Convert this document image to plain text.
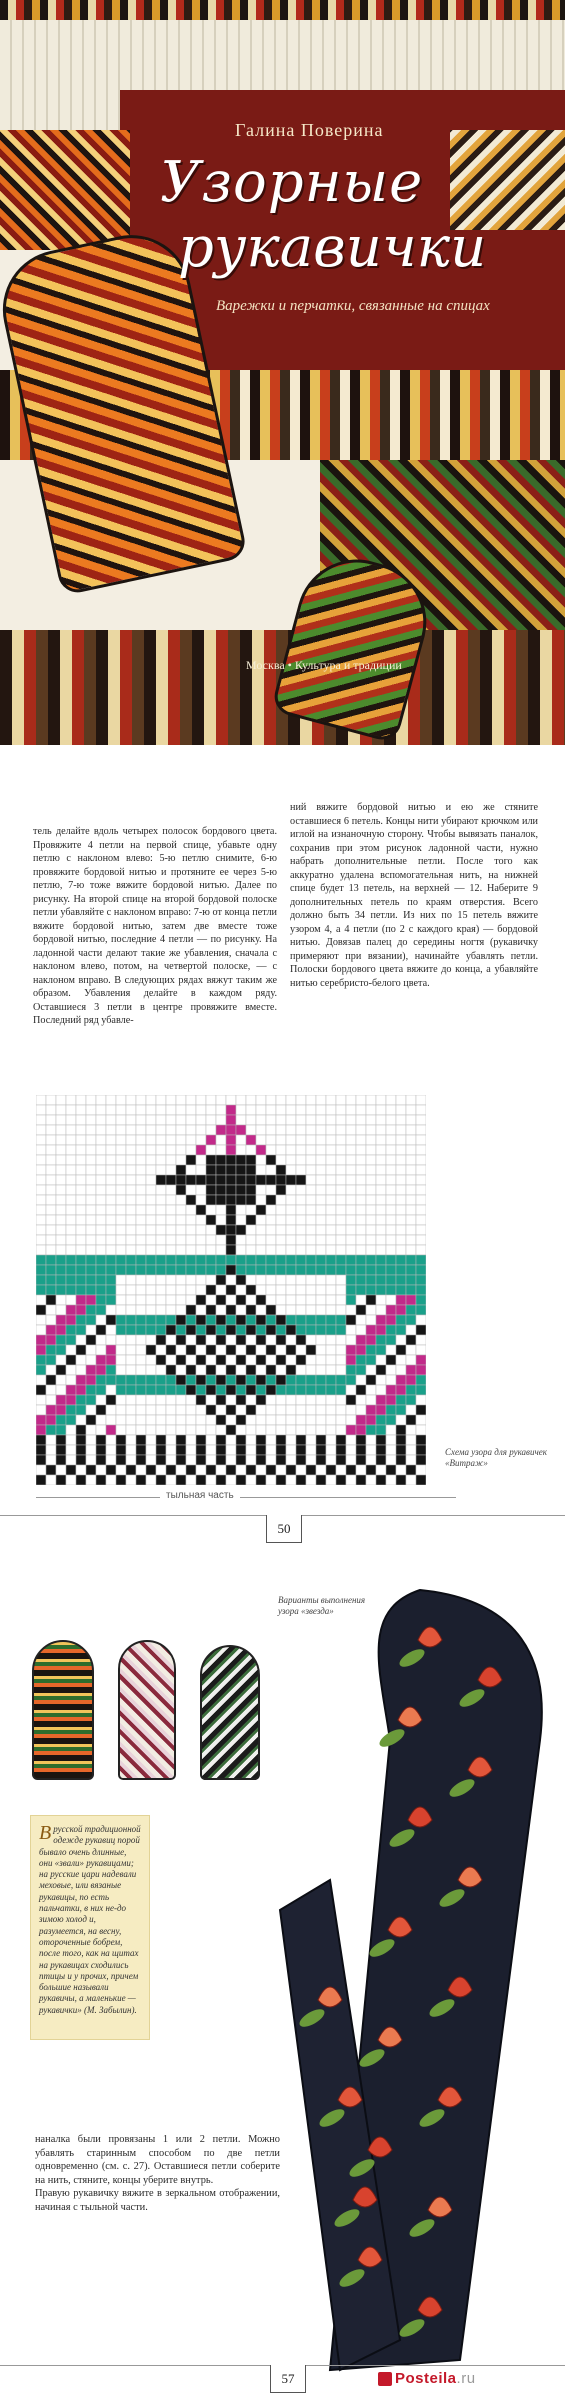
Галина Поверина
Узорные
рукавички
Варежки и перчатки, связанные на спицах
Москва • Культура и традиции
тель делайте вдоль четырех полосок бордового цвета. Провяжите 4 петли на первой спице, убавьте одну петлю с наклоном влево: 5-ю петлю снимите, 6-ю провяжите бордовой нитью и протяните ее через 5-ю петлю, 7-ю тоже вяжите бордовой нитью. Далее по рисунку. На второй спице на второй бордовой полоске петли убавляйте с наклоном вправо: 7-ю от конца петли вяжите бордовой нитью, затем две вместе тоже бордовой нитью, последние 4 петли — по рисунку. На ладонной части делают такие же убавления, сначала с наклоном влево, потом, на четвертой полоске, — с наклоном вправо. В следующих рядах вяжут таким же образом. Убавления делайте в каждом ряду. Оставшиеся 3 петли в центре провяжите вместе. Последний ряд убавле-
ний вяжите бордовой нитью и ею же стяните оставшиеся 6 петель. Концы нити убирают крючком или иглой на изнаночную сторону. Чтобы вывязать паналок, сохранив при этом рисунок ладонной части, нужно набрать дополнительные петли. После того как аккуратно удалена вспомогательная нить, на нижней спице будет 13 петель, на верхней — 12. Наберите 9 дополнительных петель по краям отверстия. Всего должно быть 34 петли. Из них по 15 петель вяжите узором 4, а 4 петли (по 2 с каждого края) — бордовой нитью. Довязав палец до середины ногтя (рукавичку примеряют при вязании), начинайте убавлять петли. Полоски бордового цвета вяжите до конца, а убавляйте нитью серебристо-белого цвета.
тыльная часть
Схема узора для рукавичек «Витраж»
50
Варианты выполнения узора «звезда»
В русской традиционной одежде рукавиц порой бывало очень длинные, они «звали» рукавицами; на русские цари надевали меховые, или вязаные рукавицы, по есть пальчатки, в них не-до зимою холод и, разумеется, на весну, отороченные бобрем, после того, как на щитах на рукавицах сходились птицы и у прочих, причем большие называли рукавичы, а маленькие — рукавички» (М. Забылин).

наналка были провязаны 1 или 2 петли. Можно убавлять старинным способом по две петли одновременно (см. с. 27). Оставшиеся петли соберите на нить, стяните, концы уберите внутрь.

Правую рукавичку вяжите в зеркальном отображении, начиная с тыльной части.

57	Posteila.ru
